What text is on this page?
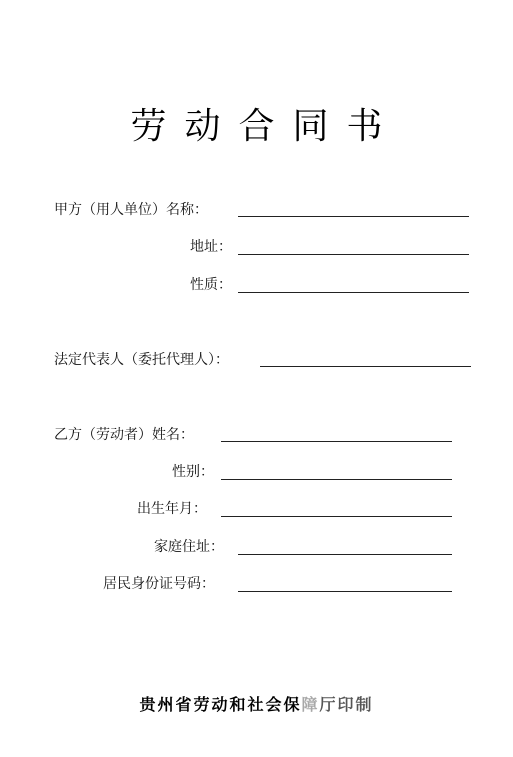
劳动合同书
甲方（用人单位）名称：
地址：
性质：
法定代表人（委托代理人）：
乙方（劳动者）姓名：
性别：
出生年月：
家庭住址：
居民身份证号码：
贵州省劳动和社会保障厅印制
